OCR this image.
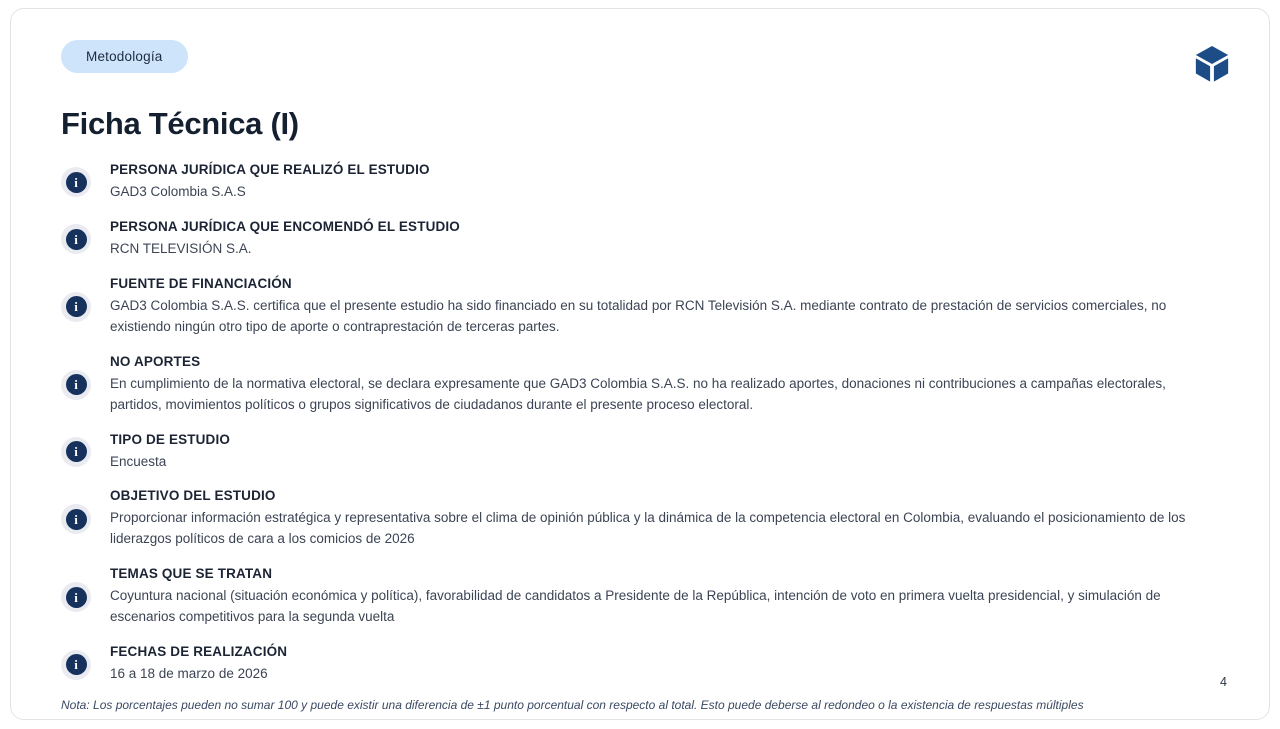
Metodología
Ficha Técnica (I)
i
PERSONA JURÍDICA QUE REALIZÓ EL ESTUDIO
GAD3 Colombia S.A.S
i
PERSONA JURÍDICA QUE ENCOMENDÓ EL ESTUDIO
RCN TELEVISIÓN S.A.
i
FUENTE DE FINANCIACIÓN
GAD3 Colombia S.A.S. certifica que el presente estudio ha sido financiado en su totalidad por RCN Televisión S.A. mediante contrato de prestación de servicios comerciales, no existiendo ningún otro tipo de aporte o contraprestación de terceras partes.
i
NO APORTES
En cumplimiento de la normativa electoral, se declara expresamente que GAD3 Colombia S.A.S. no ha realizado aportes, donaciones ni contribuciones a campañas electorales, partidos, movimientos políticos o grupos significativos de ciudadanos durante el presente proceso electoral.
i
TIPO DE ESTUDIO
Encuesta
i
OBJETIVO DEL ESTUDIO
Proporcionar información estratégica y representativa sobre el clima de opinión pública y la dinámica de la competencia electoral en Colombia, evaluando el posicionamiento de los liderazgos políticos de cara a los comicios de 2026
i
TEMAS QUE SE TRATAN
Coyuntura nacional (situación económica y política), favorabilidad de candidatos a Presidente de la República, intención de voto en primera vuelta presidencial, y simulación de escenarios competitivos para la segunda vuelta
i
FECHAS DE REALIZACIÓN
16 a 18 de marzo de 2026
4
Nota: Los porcentajes pueden no sumar 100 y puede existir una diferencia de ±1 punto porcentual con respecto al total. Esto puede deberse al redondeo o la existencia de respuestas múltiples
